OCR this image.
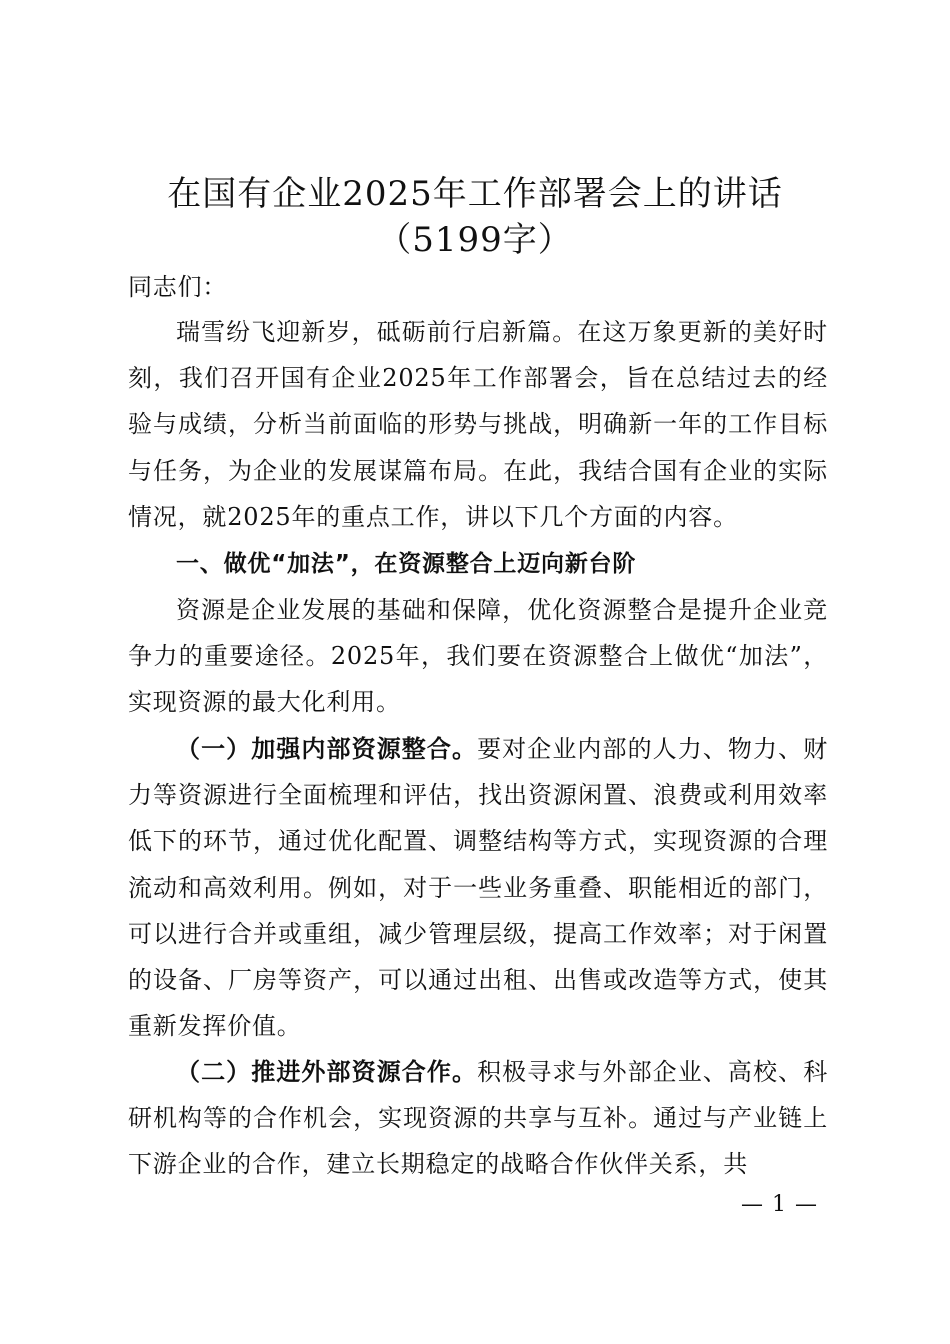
在国有企业2025年工作部署会上的讲话
（5199字）
同志们：

瑞雪纷飞迎新岁，砥砺前行启新篇。在这万象更新的美好时刻，我们召开国有企业2025年工作部署会，旨在总结过去的经验与成绩，分析当前面临的形势与挑战，明确新一年的工作目标与任务，为企业的发展谋篇布局。在此，我结合国有企业的实际情况，就2025年的重点工作，讲以下几个方面的内容。

一、做优“加法”，在资源整合上迈向新台阶

资源是企业发展的基础和保障，优化资源整合是提升企业竞争力的重要途径。2025年，我们要在资源整合上做优“加法”，实现资源的最大化利用。

（一）加强内部资源整合。要对企业内部的人力、物力、财力等资源进行全面梳理和评估，找出资源闲置、浪费或利用效率低下的环节，通过优化配置、调整结构等方式，实现资源的合理流动和高效利用。例如，对于一些业务重叠、职能相近的部门，可以进行合并或重组，减少管理层级，提高工作效率；对于闲置的设备、厂房等资产，可以通过出租、出售或改造等方式，使其重新发挥价值。

（二）推进外部资源合作。积极寻求与外部企业、高校、科研机构等的合作机会，实现资源的共享与互补。通过与产业链上下游企业的合作，建立长期稳定的战略合作伙伴关系，共

— 1 —
